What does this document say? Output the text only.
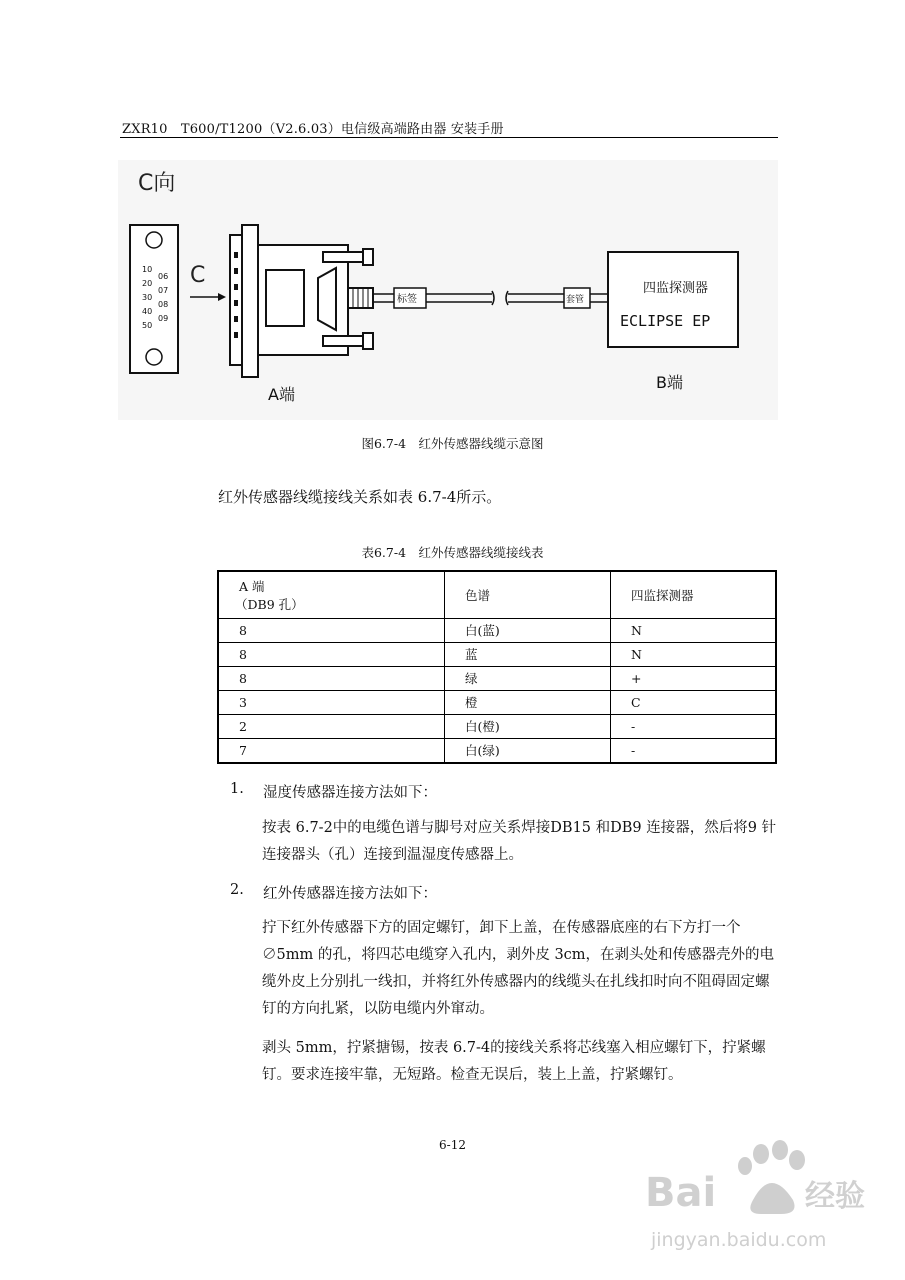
ZXR10　T600/T1200（V2.6.03）电信级高端路由器 安装手册
C向
10
20
30
40
50
06
07
08
09
C
标签	套管
四监探测器
ECLIPSE EP
A端
B端
图6.7-4　红外传感器线缆示意图
红外传感器线缆接线关系如表 6.7-4所示。
表6.7-4　红外传感器线缆接线表
A 端
（DB9 孔）	色谱	四监探测器
8	白(蓝)	N
8	蓝	N
8	绿	+
3	橙	C
2	白(橙)	-
7	白(绿)	-
1. 湿度传感器连接方法如下：
按表 6.7-2中的电缆色谱与脚号对应关系焊接DB15 和DB9 连接器，然后将9 针连接器头（孔）连接到温湿度传感器上。
2. 红外传感器连接方法如下：
拧下红外传感器下方的固定螺钉，卸下上盖，在传感器底座的右下方打一个∅5mm 的孔，将四芯电缆穿入孔内，剥外皮 3cm，在剥头处和传感器壳外的电缆外皮上分别扎一线扣，并将红外传感器内的线缆头在扎线扣时向不阻碍固定螺钉的方向扎紧，以防电缆内外窜动。
剥头 5mm，拧紧搪锡，按表 6.7-4的接线关系将芯线塞入相应螺钉下，拧紧螺钉。要求连接牢靠，无短路。检查无误后，装上上盖，拧紧螺钉。
6-12
Bai	经验
jingyan.baidu.com
